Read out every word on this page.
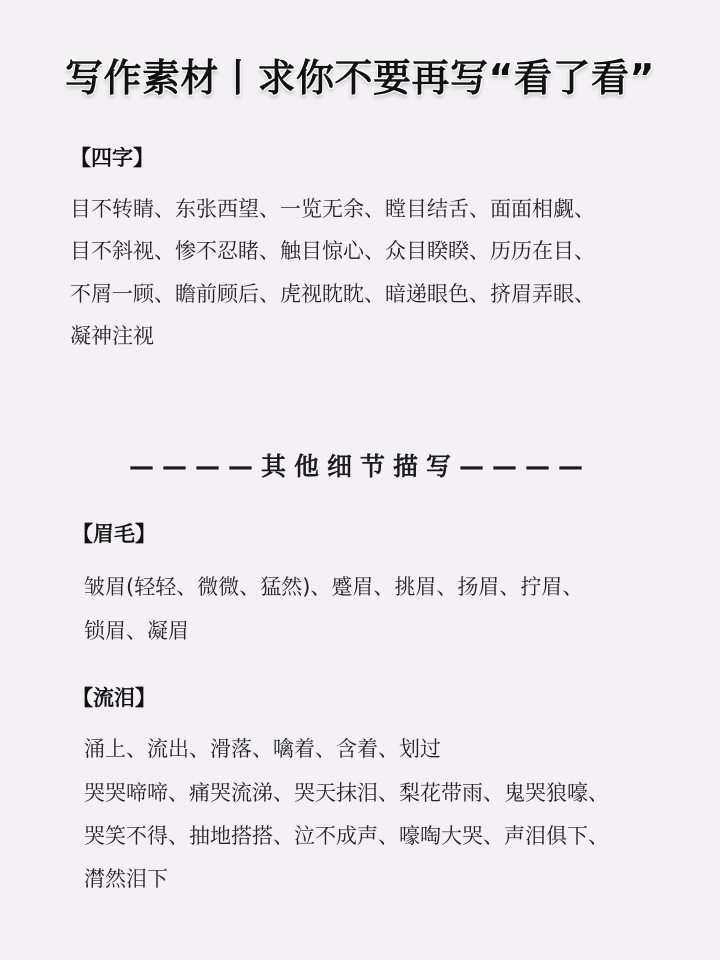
写作素材丨求你不要再写“看了看”
【四字】
目不转睛、东张西望、一览无余、瞠目结舌、面面相觑、
目不斜视、惨不忍睹、触目惊心、众目睽睽、历历在目、
不屑一顾、瞻前顾后、虎视眈眈、暗递眼色、挤眉弄眼、
凝神注视
————其他细节描写————
【眉毛】
皱眉(轻轻、微微、猛然)、蹙眉、挑眉、扬眉、拧眉、
锁眉、凝眉
【流泪】
涌上、流出、滑落、噙着、含着、划过
哭哭啼啼、痛哭流涕、哭天抹泪、梨花带雨、鬼哭狼嚎、
哭笑不得、抽地搭搭、泣不成声、嚎啕大哭、声泪俱下、
潸然泪下
